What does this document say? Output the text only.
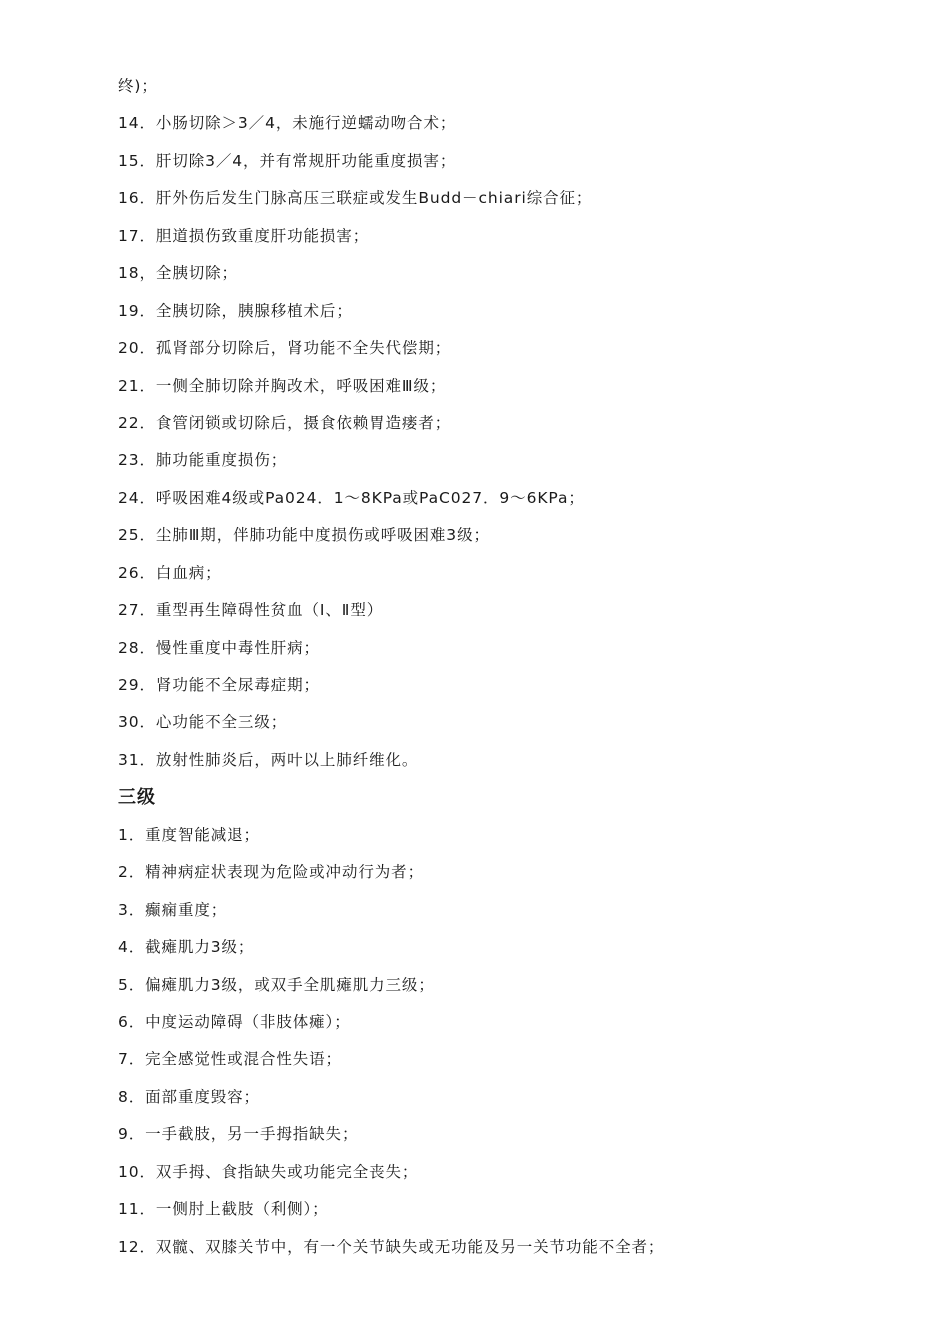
终)；
14．小肠切除＞3／4，未施行逆蠕动吻合术；
15．肝切除3／4，并有常规肝功能重度损害；
16．肝外伤后发生门脉高压三联症或发生Budd－chiari综合征；
17．胆道损伤致重度肝功能损害；
18，全胰切除；
19．全胰切除，胰腺移植术后；
20．孤肾部分切除后，肾功能不全失代偿期；
21．一侧全肺切除并胸改术，呼吸困难Ⅲ级；
22．食管闭锁或切除后，摄食依赖胃造瘘者；
23．肺功能重度损伤；
24．呼吸困难4级或Pa024．1～8KPa或PaC027．9～6KPa；
25．尘肺Ⅲ期，伴肺功能中度损伤或呼吸困难3级；
26．白血病；
27．重型再生障碍性贫血（Ⅰ、Ⅱ型）
28．慢性重度中毒性肝病；
29．肾功能不全尿毒症期；
30．心功能不全三级；
31．放射性肺炎后，两叶以上肺纤维化。
三级
1．重度智能减退；
2．精神病症状表现为危险或冲动行为者；
3．癫痫重度；
4．截瘫肌力3级；
5．偏瘫肌力3级，或双手全肌瘫肌力三级；
6．中度运动障碍（非肢体瘫）；
7．完全感觉性或混合性失语；
8．面部重度毁容；
9．一手截肢，另一手拇指缺失；
10．双手拇、食指缺失或功能完全丧失；
11．一侧肘上截肢（利侧）；
12．双髋、双膝关节中，有一个关节缺失或无功能及另一关节功能不全者；
